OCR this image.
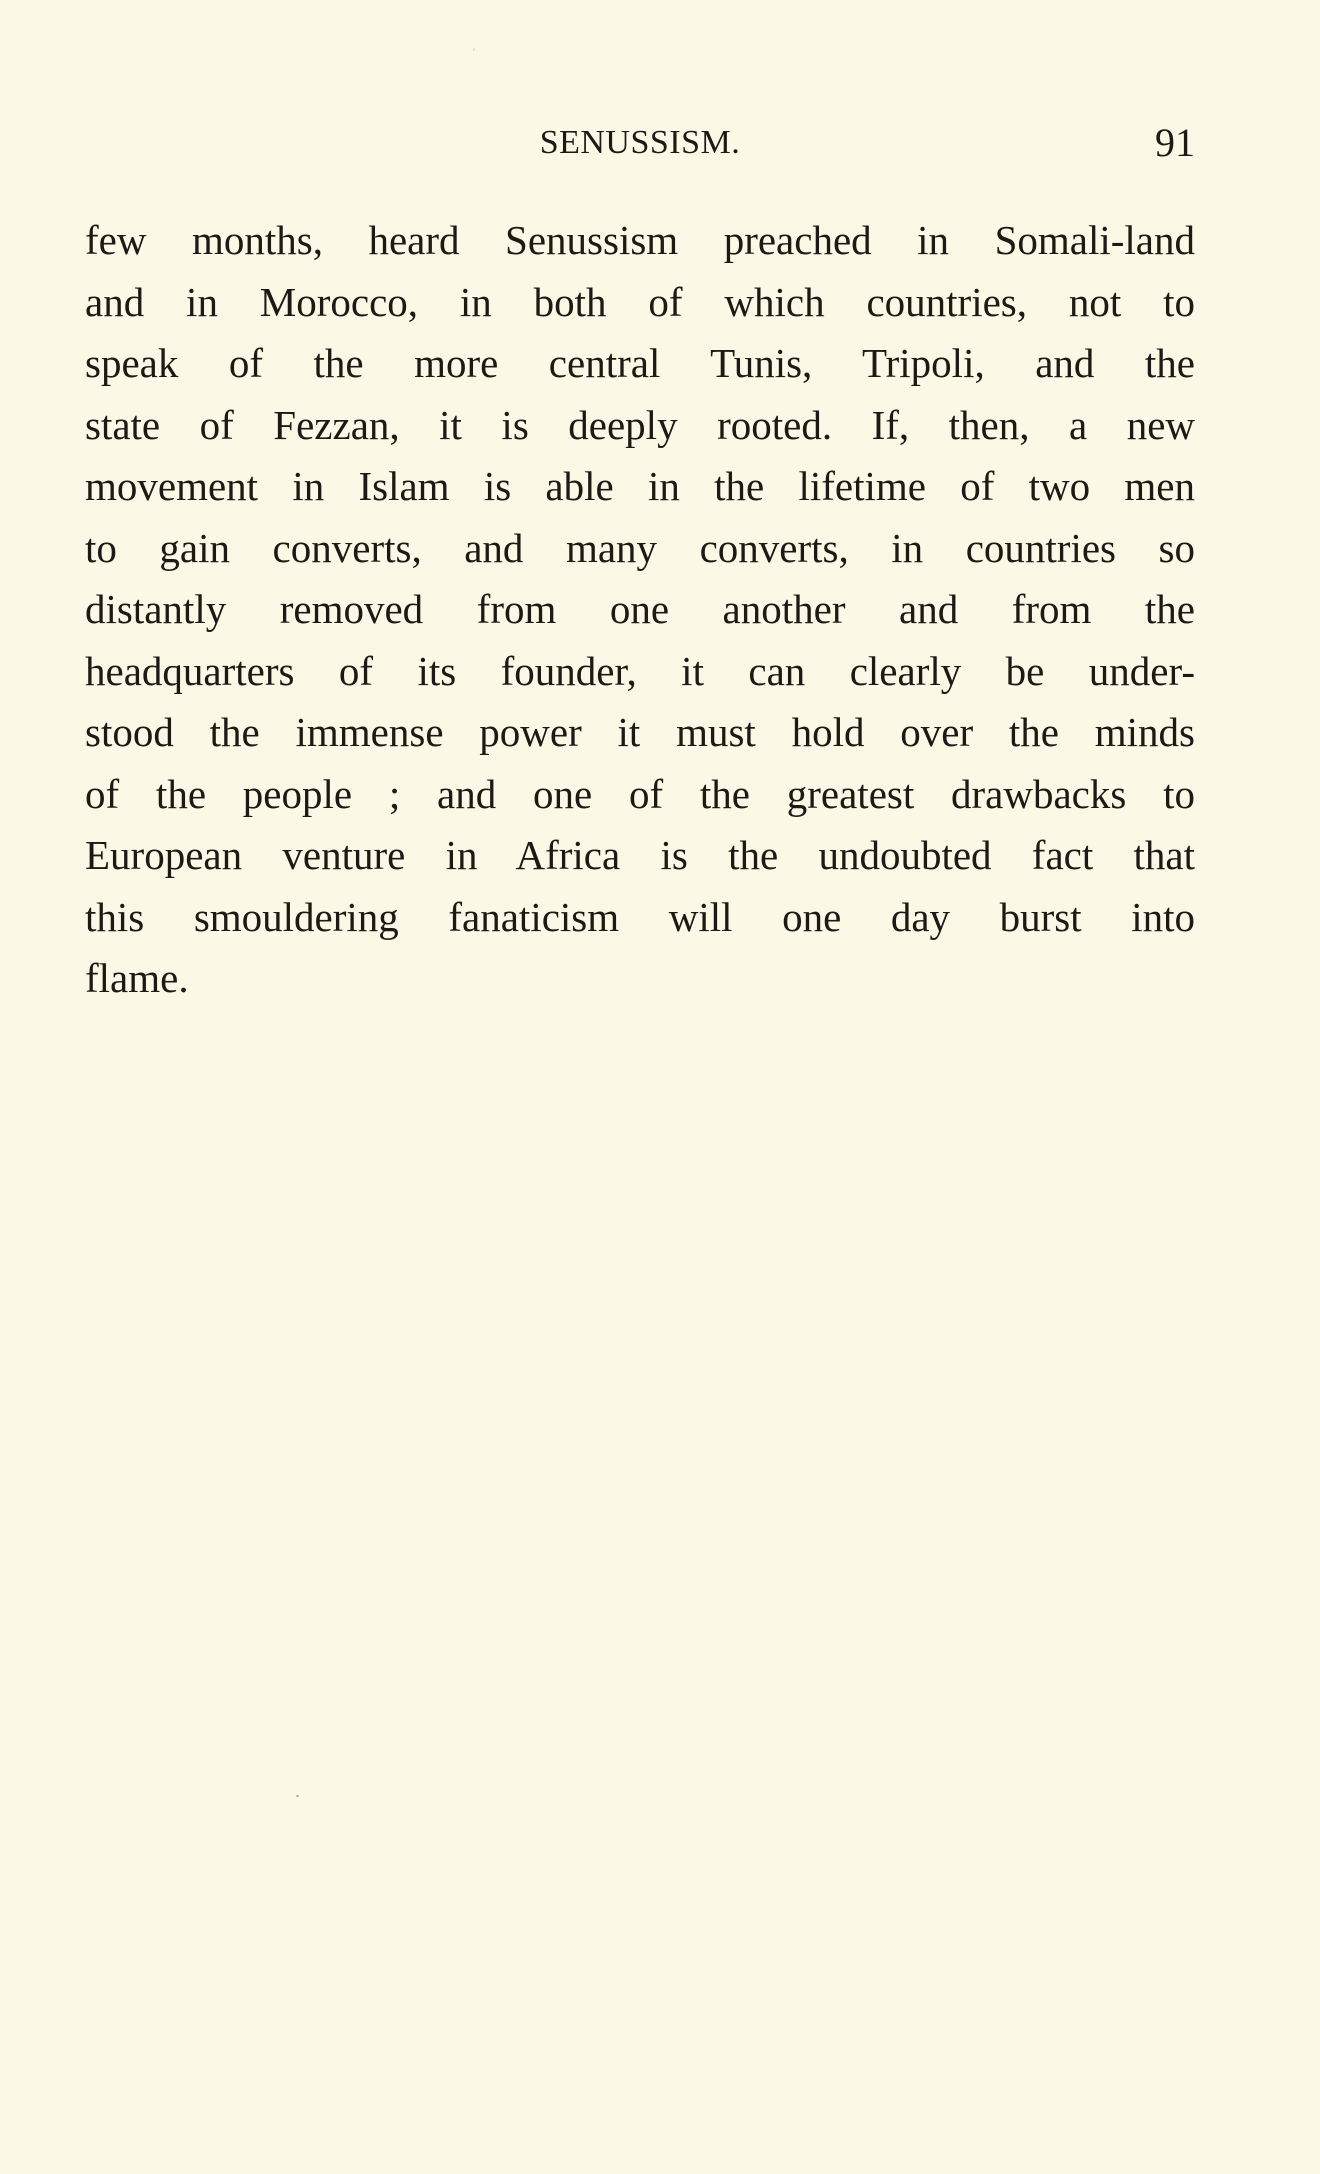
SENUSSISM.	91
few months, heard Senussism preached in Somali-land
and in Morocco, in both of which countries, not to
speak of the more central Tunis, Tripoli, and the
state of Fezzan, it is deeply rooted. If, then, a new
movement in Islam is able in the lifetime of two men
to gain converts, and many converts, in countries so
distantly removed from one another and from the
headquarters of its founder, it can clearly be under-
stood the immense power it must hold over the minds
of the people ; and one of the greatest drawbacks to
European venture in Africa is the undoubted fact that
this smouldering fanaticism will one day burst into
flame.
